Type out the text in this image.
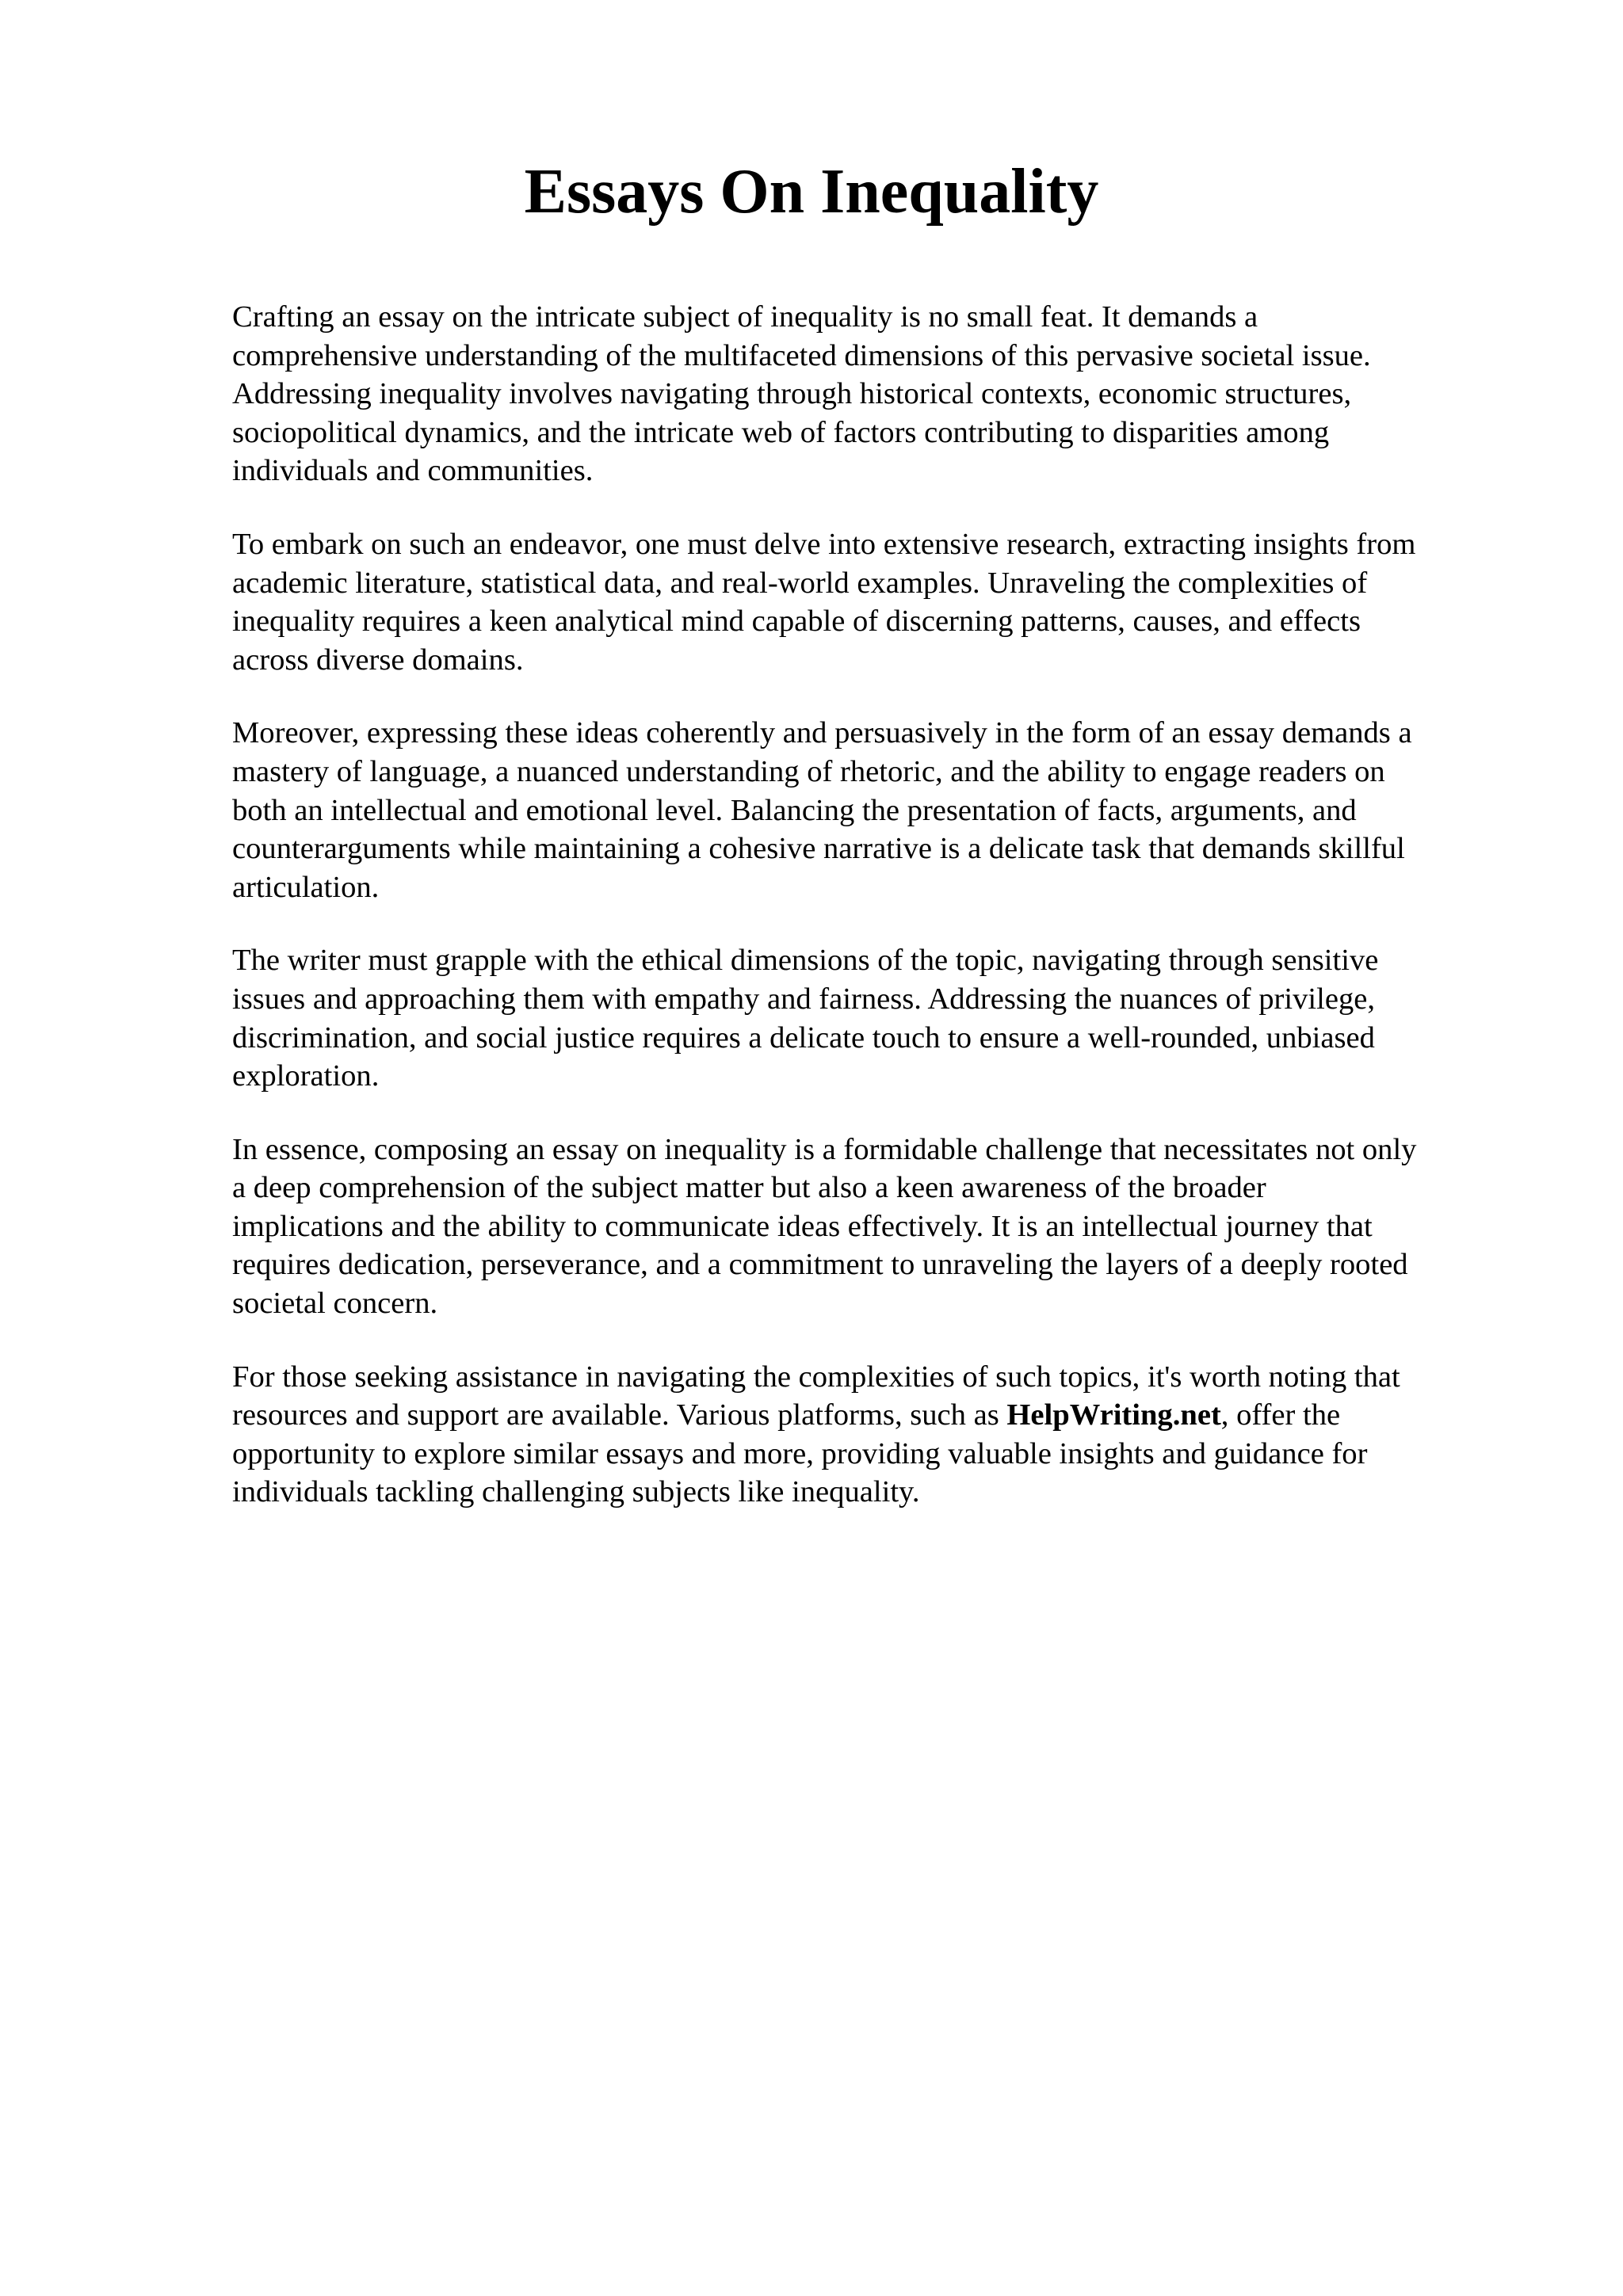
Essays On Inequality

Crafting an essay on the intricate subject of inequality is no small feat. It demands a
comprehensive understanding of the multifaceted dimensions of this pervasive societal issue.
Addressing inequality involves navigating through historical contexts, economic structures,
sociopolitical dynamics, and the intricate web of factors contributing to disparities among
individuals and communities.

To embark on such an endeavor, one must delve into extensive research, extracting insights from
academic literature, statistical data, and real-world examples. Unraveling the complexities of
inequality requires a keen analytical mind capable of discerning patterns, causes, and effects
across diverse domains.

Moreover, expressing these ideas coherently and persuasively in the form of an essay demands a
mastery of language, a nuanced understanding of rhetoric, and the ability to engage readers on
both an intellectual and emotional level. Balancing the presentation of facts, arguments, and
counterarguments while maintaining a cohesive narrative is a delicate task that demands skillful
articulation.

The writer must grapple with the ethical dimensions of the topic, navigating through sensitive
issues and approaching them with empathy and fairness. Addressing the nuances of privilege,
discrimination, and social justice requires a delicate touch to ensure a well-rounded, unbiased
exploration.

In essence, composing an essay on inequality is a formidable challenge that necessitates not only
a deep comprehension of the subject matter but also a keen awareness of the broader
implications and the ability to communicate ideas effectively. It is an intellectual journey that
requires dedication, perseverance, and a commitment to unraveling the layers of a deeply rooted
societal concern.

For those seeking assistance in navigating the complexities of such topics, it's worth noting that
resources and support are available. Various platforms, such as HelpWriting.net, offer the
opportunity to explore similar essays and more, providing valuable insights and guidance for
individuals tackling challenging subjects like inequality.
